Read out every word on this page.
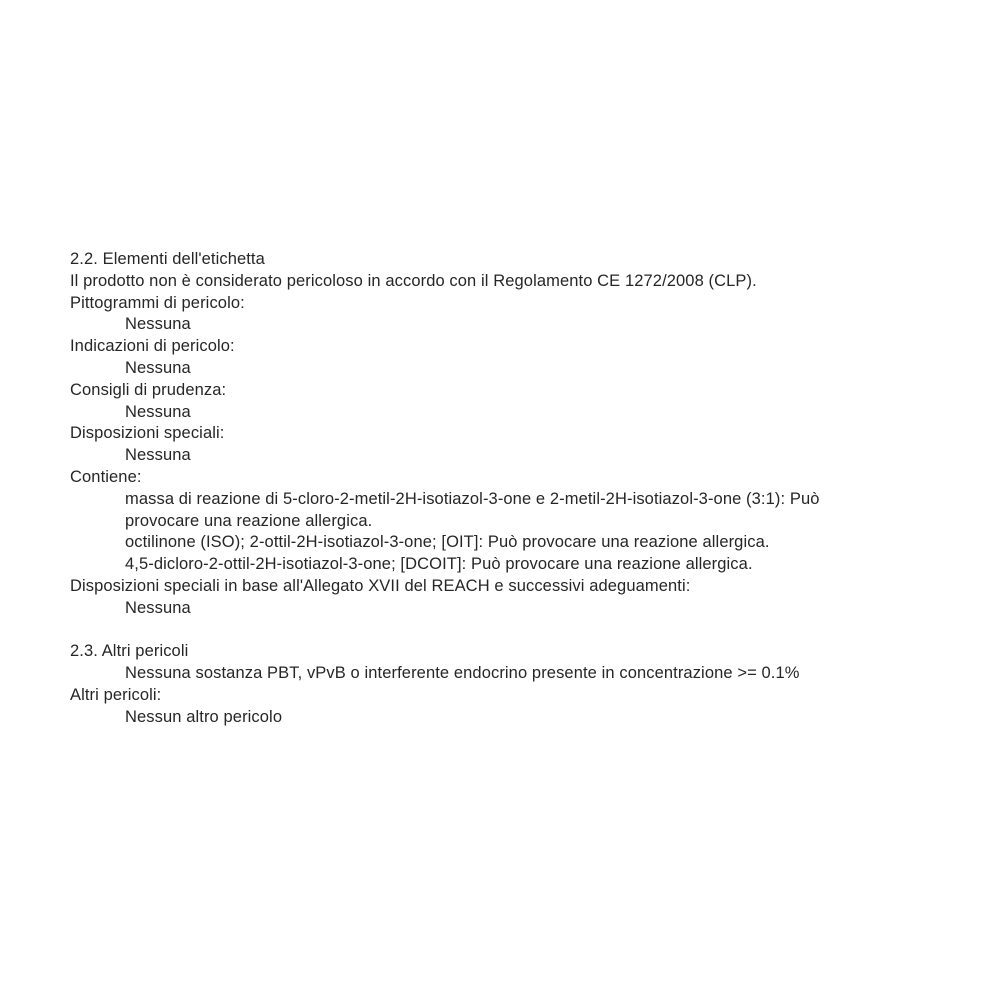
2.2. Elementi dell'etichetta
Il prodotto non è considerato pericoloso in accordo con il Regolamento CE 1272/2008 (CLP).
Pittogrammi di pericolo:
Nessuna
Indicazioni di pericolo:
Nessuna
Consigli di prudenza:
Nessuna
Disposizioni speciali:
Nessuna
Contiene:
massa di reazione di 5-cloro-2-metil-2H-isotiazol-3-one e 2-metil-2H-isotiazol-3-one (3:1): Può
provocare una reazione allergica.
octilinone (ISO); 2-ottil-2H-isotiazol-3-one; [OIT]: Può provocare una reazione allergica.
4,5-dicloro-2-ottil-2H-isotiazol-3-one; [DCOIT]: Può provocare una reazione allergica.
Disposizioni speciali in base all'Allegato XVII del REACH e successivi adeguamenti:
Nessuna
2.3. Altri pericoli
Nessuna sostanza PBT, vPvB o interferente endocrino presente in concentrazione >= 0.1%
Altri pericoli:
Nessun altro pericolo
